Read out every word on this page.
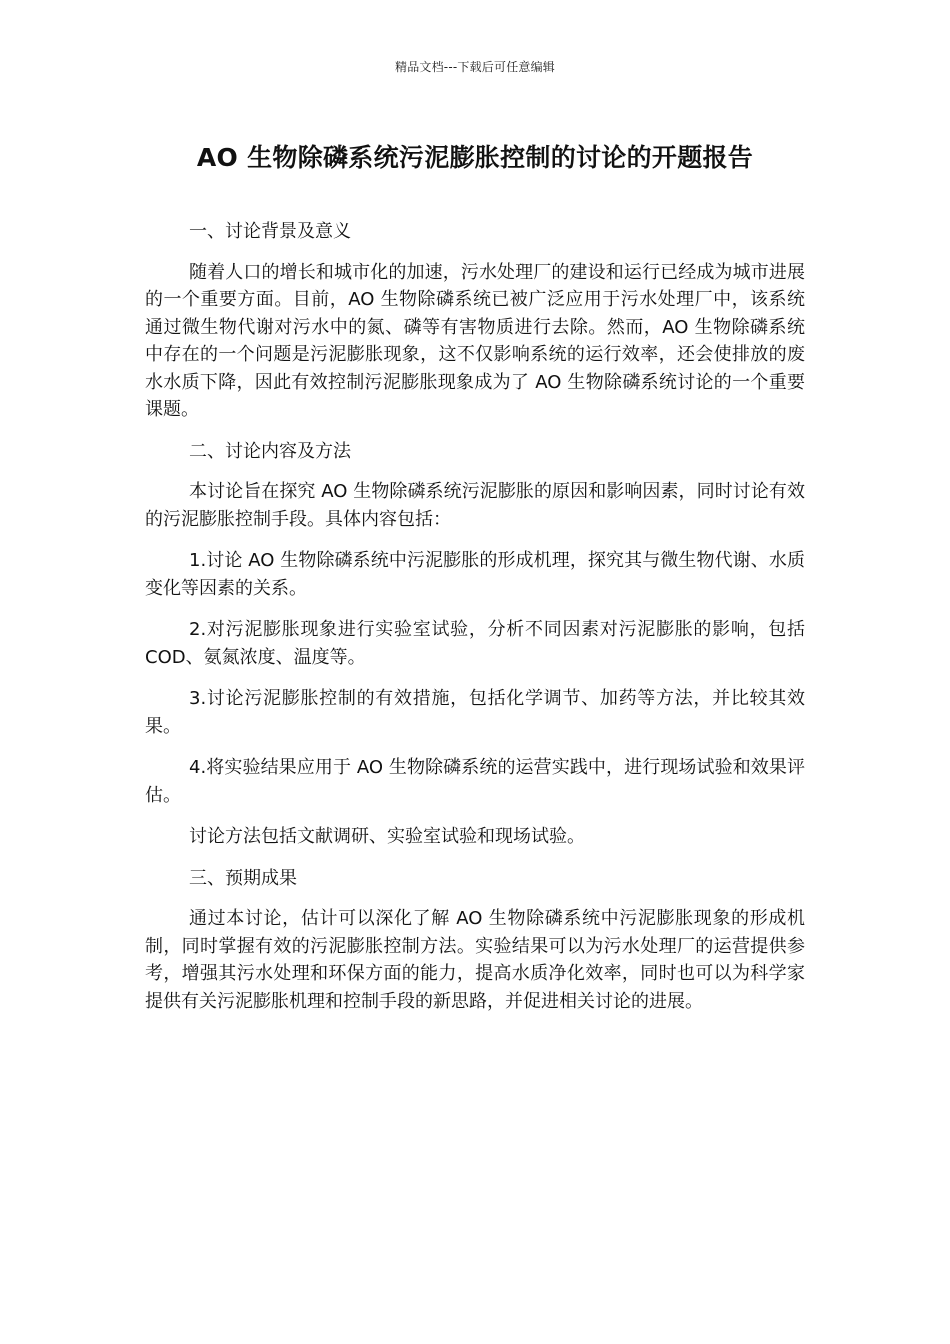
精品文档---下载后可任意编辑
AO 生物除磷系统污泥膨胀控制的讨论的开题报告

一、讨论背景及意义

随着人口的增长和城市化的加速，污水处理厂的建设和运行已经成为城市进展的一个重要方面。目前，AO 生物除磷系统已被广泛应用于污水处理厂中，该系统通过微生物代谢对污水中的氮、磷等有害物质进行去除。然而，AO 生物除磷系统中存在的一个问题是污泥膨胀现象，这不仅影响系统的运行效率，还会使排放的废水水质下降，因此有效控制污泥膨胀现象成为了 AO 生物除磷系统讨论的一个重要课题。

二、讨论内容及方法

本讨论旨在探究 AO 生物除磷系统污泥膨胀的原因和影响因素，同时讨论有效的污泥膨胀控制手段。具体内容包括：

1.讨论 AO 生物除磷系统中污泥膨胀的形成机理，探究其与微生物代谢、水质变化等因素的关系。

2.对污泥膨胀现象进行实验室试验，分析不同因素对污泥膨胀的影响，包括 COD、氨氮浓度、温度等。

3.讨论污泥膨胀控制的有效措施，包括化学调节、加药等方法，并比较其效果。

4.将实验结果应用于 AO 生物除磷系统的运营实践中，进行现场试验和效果评估。

讨论方法包括文献调研、实验室试验和现场试验。

三、预期成果

通过本讨论，估计可以深化了解 AO 生物除磷系统中污泥膨胀现象的形成机制，同时掌握有效的污泥膨胀控制方法。实验结果可以为污水处理厂的运营提供参考，增强其污水处理和环保方面的能力，提高水质净化效率，同时也可以为科学家提供有关污泥膨胀机理和控制手段的新思路，并促进相关讨论的进展。
